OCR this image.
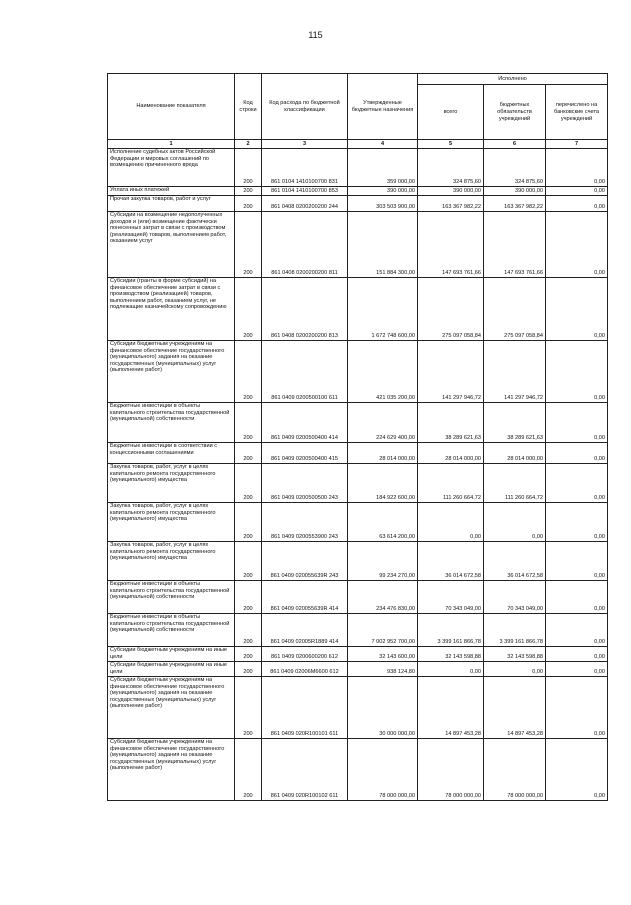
115
Наименование показателя	Код строки	Код расхода по бюджетной классификации	Утвержденные бюджетные назначения	Исполнено		
				всего	бюджетных обязательств учреждений	перечислено на банковские счета учреждений
1	2	3	4	5	6	7
Исполнение судебных актов Российской Федерации и мировых соглашений по возмещению причиненного вреда	200	861 0104 1410100700 831	359 000,00	324 875,60	324 875,60	0,00
Уплата иных платежей	200	861 0104 1410100700 853	390 000,00	390 000,00	390 000,00	0,00
Прочая закупка товаров, работ и услуг	200	861 0408 0200200200 244	303 503 900,00	163 367 982,22	163 367 982,22	0,00
Субсидии на возмещение недополученных доходов и (или) возмещение фактически понесенных затрат в связи с производством (реализацией) товаров, выполнением работ, оказанием услуг	200	861 0408 0200200200 811	151 884 300,00	147 693 761,66	147 693 761,66	0,00
Субсидии (гранты в форме субсидий) на финансовое обеспечение затрат в связи с производством (реализацией) товаров, выполнением работ, оказанием услуг, не подлежащие казначейскому сопровождению	200	861 0408 0200200200 813	1 672 748 600,00	275 097 058,84	275 097 058,84	0,00
Субсидии бюджетным учреждениям на финансовое обеспечение государственного (муниципального) задания на оказание государственных (муниципальных) услуг (выполнение работ)	200	861 0409 0200500100 611	421 035 200,00	141 297 946,72	141 297 946,72	0,00
Бюджетные инвестиции в объекты капитального строительства государственной (муниципальной) собственности	200	861 0409 0200500400 414	224 629 400,00	38 289 621,63	38 289 621,63	0,00
Бюджетные инвестиции в соответствии с концессионными соглашениями	200	861 0409 0200500400 415	28 014 000,00	28 014 000,00	28 014 000,00	0,00
Закупка товаров, работ, услуг в целях капитального ремонта государственного (муниципального) имущества	200	861 0409 0200500500 243	184 922 600,00	111 260 664,72	111 260 664,72	0,00
Закупка товаров, работ, услуг в целях капитального ремонта государственного (муниципального) имущества	200	861 0409 0200553900 243	63 614 200,00	0,00	0,00	0,00
Закупка товаров, работ, услуг в целях капитального ремонта государственного (муниципального) имущества	200	861 0409 020055639R 243	99 234 270,00	36 014 672,58	36 014 672,58	0,00
Бюджетные инвестиции в объекты капитального строительства государственной (муниципальной) собственности	200	861 0409 020055639R 414	234 476 830,00	70 343 049,00	70 343 049,00	0,00
Бюджетные инвестиции в объекты капитального строительства государственной (муниципальной) собственности	200	861 0409 02005R1889 414	7 002 952 700,00	3 399 161 866,78	3 399 161 866,78	0,00
Субсидии бюджетным учреждениям на иные цели	200	861 0409 0200600200 612	32 143 600,00	32 143 598,88	32 143 598,88	0,00
Субсидии бюджетным учреждениям на иные цели	200	861 0409 02006M6600 612	938 124,80	0,00	0,00	0,00
Субсидии бюджетным учреждениям на финансовое обеспечение государственного (муниципального) задания на оказание государственных (муниципальных) услуг (выполнение работ)	200	861 0409 020R100101 611	30 000 000,00	14 897 453,28	14 897 453,28	0,00
Субсидии бюджетным учреждениям на финансовое обеспечение государственного (муниципального) задания на оказание государственных (муниципальных) услуг (выполнение работ)	200	861 0409 020R100102 611	78 000 000,00	78 000 000,00	78 000 000,00	0,00
